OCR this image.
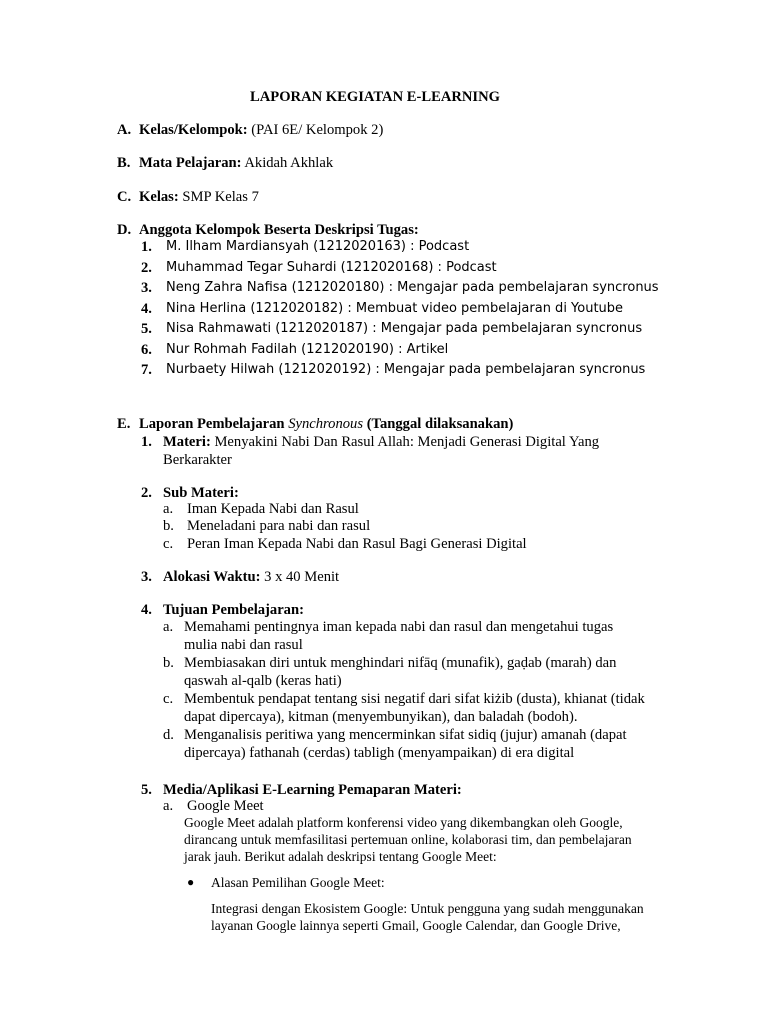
LAPORAN KEGIATAN E-LEARNING
A. Kelas/Kelompok: (PAI 6E/ Kelompok 2)
B. Mata Pelajaran: Akidah Akhlak
C. Kelas: SMP Kelas 7
D. Anggota Kelompok Beserta Deskripsi Tugas:
1. M. Ilham Mardiansyah (1212020163) : Podcast
2. Muhammad Tegar Suhardi (1212020168) : Podcast
3. Neng Zahra Nafisa (1212020180) : Mengajar pada pembelajaran syncronus
4. Nina Herlina (1212020182) : Membuat video pembelajaran di Youtube
5. Nisa Rahmawati (1212020187) : Mengajar pada pembelajaran syncronus
6. Nur Rohmah Fadilah (1212020190) : Artikel
7. Nurbaety Hilwah (1212020192) : Mengajar pada pembelajaran syncronus
E. Laporan Pembelajaran Synchronous (Tanggal dilaksanakan)
1. Materi: Menyakini Nabi Dan Rasul Allah: Menjadi Generasi Digital Yang
Berkarakter
2. Sub Materi:
a. Iman Kepada Nabi dan Rasul
b. Meneladani para nabi dan rasul
c. Peran Iman Kepada Nabi dan Rasul Bagi Generasi Digital
3. Alokasi Waktu: 3 x 40 Menit
4. Tujuan Pembelajaran:
a. Memahami pentingnya iman kepada nabi dan rasul dan mengetahui tugas
mulia nabi dan rasul
b. Membiasakan diri untuk menghindari nifāq (munafik), gaḍab (marah) dan
qaswah al-qalb (keras hati)
c. Membentuk pendapat tentang sisi negatif dari sifat kiżib (dusta), khianat (tidak
dapat dipercaya), kitman (menyembunyikan), dan baladah (bodoh).
d. Menganalisis peritiwa yang mencerminkan sifat sidiq (jujur) amanah (dapat
dipercaya) fathanah (cerdas) tabligh (menyampaikan) di era digital
5. Media/Aplikasi E-Learning Pemaparan Materi:
a. Google Meet
Google Meet adalah platform konferensi video yang dikembangkan oleh Google,
dirancang untuk memfasilitasi pertemuan online, kolaborasi tim, dan pembelajaran
jarak jauh. Berikut adalah deskripsi tentang Google Meet:
● Alasan Pemilihan Google Meet:
Integrasi dengan Ekosistem Google: Untuk pengguna yang sudah menggunakan
layanan Google lainnya seperti Gmail, Google Calendar, dan Google Drive,
